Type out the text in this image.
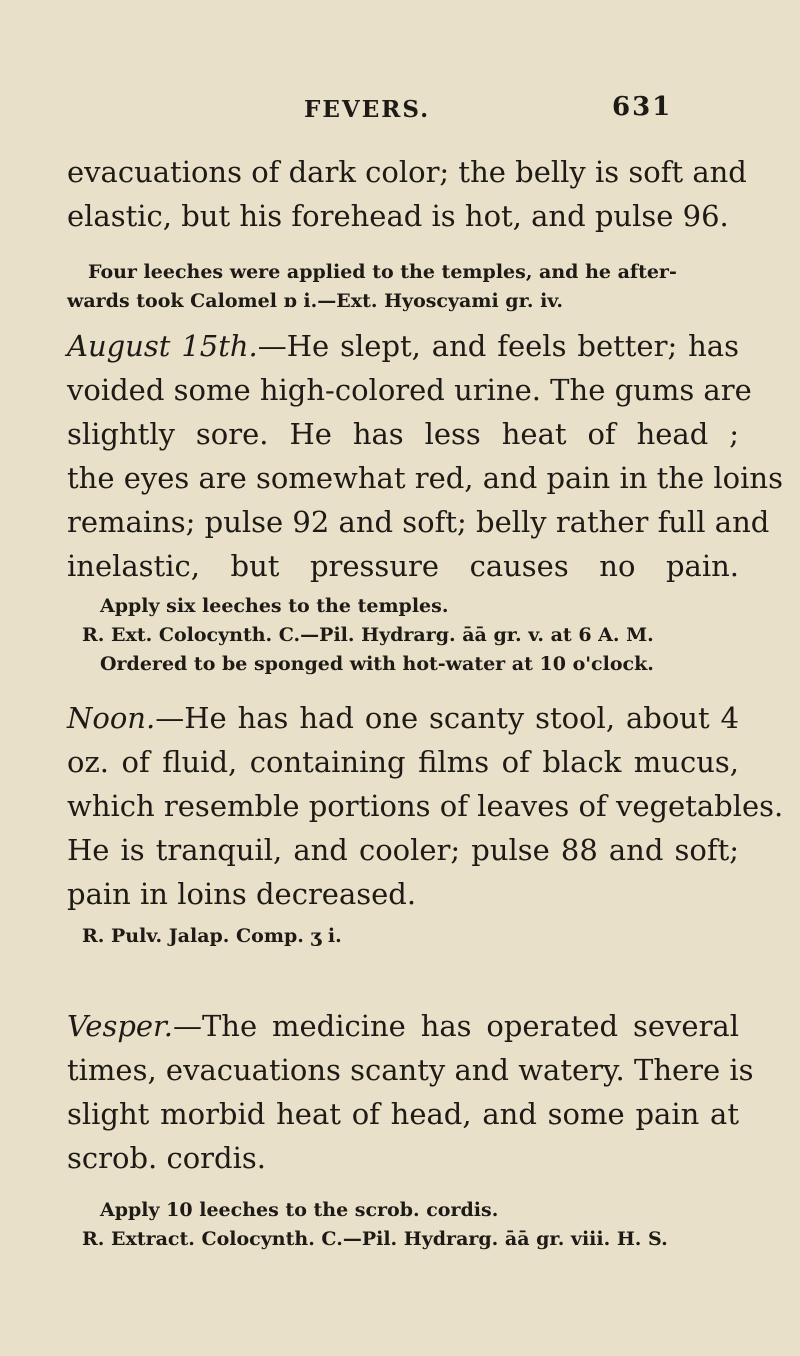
FEVERS.	631
evacuations of dark color; the belly is soft and
elastic, but his forehead is hot, and pulse 96.
Four leeches were applied to the temples, and he after-
wards took Calomel ɒ i.—Ext. Hyoscyami gr. iv.
August 15th.—He slept, and feels better; has
voided some high-colored urine. The gums are
slightly sore. He has less heat of head ;
the eyes are somewhat red, and pain in the loins
remains; pulse 92 and soft; belly rather full and
inelastic, but pressure causes no pain.
Apply six leeches to the temples.
R. Ext. Colocynth. C.—Pil. Hydrarg. āā gr. v. at 6 A. M.
Ordered to be sponged with hot-water at 10 o'clock.
Noon.—He has had one scanty stool, about 4
oz. of fluid, containing films of black mucus,
which resemble portions of leaves of vegetables.
He is tranquil, and cooler; pulse 88 and soft;
pain in loins decreased.
R. Pulv. Jalap. Comp. ʒ i.
Vesper.—The medicine has operated several
times, evacuations scanty and watery. There is
slight morbid heat of head, and some pain at
scrob. cordis.
Apply 10 leeches to the scrob. cordis.
R. Extract. Colocynth. C.—Pil. Hydrarg. āā gr. viii. H. S.
